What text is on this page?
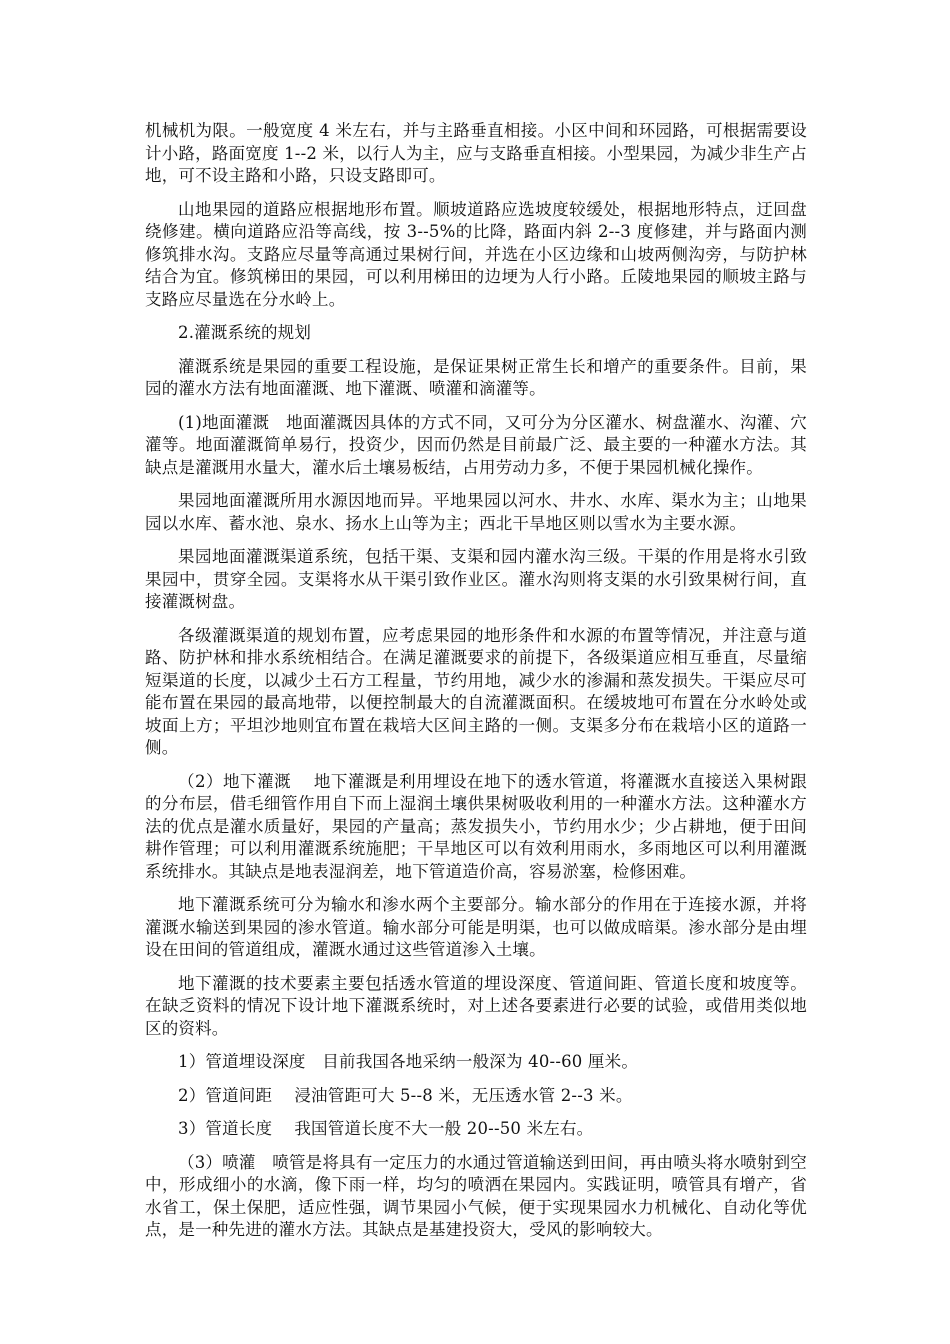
机械机为限。一般宽度 4 米左右，并与主路垂直相接。小区中间和环园路，可根据需要设计小路，路面宽度 1--2 米，以行人为主，应与支路垂直相接。小型果园，为减少非生产占地，可不设主路和小路，只设支路即可。

山地果园的道路应根据地形布置。顺坡道路应选坡度较缓处，根据地形特点，迂回盘绕修建。横向道路应沿等高线，按 3--5%的比降，路面内斜 2--3 度修建，并与路面内测修筑排水沟。支路应尽量等高通过果树行间，并选在小区边缘和山坡两侧沟旁，与防护林结合为宜。修筑梯田的果园，可以利用梯田的边埂为人行小路。丘陵地果园的顺坡主路与支路应尽量选在分水岭上。

2.灌溉系统的规划

灌溉系统是果园的重要工程设施，是保证果树正常生长和增产的重要条件。目前，果园的灌水方法有地面灌溉、地下灌溉、喷灌和滴灌等。

(1)地面灌溉　地面灌溉因具体的方式不同，又可分为分区灌水、树盘灌水、沟灌、穴灌等。地面灌溉简单易行，投资少，因而仍然是目前最广泛、最主要的一种灌水方法。其缺点是灌溉用水量大，灌水后土壤易板结，占用劳动力多，不便于果园机械化操作。

果园地面灌溉所用水源因地而异。平地果园以河水、井水、水库、渠水为主；山地果园以水库、蓄水池、泉水、扬水上山等为主；西北干旱地区则以雪水为主要水源。

果园地面灌溉渠道系统，包括干渠、支渠和园内灌水沟三级。干渠的作用是将水引致果园中，贯穿全园。支渠将水从干渠引致作业区。灌水沟则将支渠的水引致果树行间，直接灌溉树盘。

各级灌溉渠道的规划布置，应考虑果园的地形条件和水源的布置等情况，并注意与道路、防护林和排水系统相结合。在满足灌溉要求的前提下，各级渠道应相互垂直，尽量缩短渠道的长度，以减少土石方工程量，节约用地，减少水的渗漏和蒸发损失。干渠应尽可能布置在果园的最高地带，以便控制最大的自流灌溉面积。在缓坡地可布置在分水岭处或坡面上方；平坦沙地则宜布置在栽培大区间主路的一侧。支渠多分布在栽培小区的道路一侧。

（2）地下灌溉　 地下灌溉是利用埋设在地下的透水管道，将灌溉水直接送入果树跟的分布层，借毛细管作用自下而上湿润土壤供果树吸收利用的一种灌水方法。这种灌水方法的优点是灌水质量好，果园的产量高；蒸发损失小，节约用水少；少占耕地，便于田间耕作管理；可以利用灌溉系统施肥；干旱地区可以有效利用雨水，多雨地区可以利用灌溉系统排水。其缺点是地表湿润差，地下管道造价高，容易淤塞，检修困难。

地下灌溉系统可分为输水和渗水两个主要部分。输水部分的作用在于连接水源，并将灌溉水输送到果园的渗水管道。输水部分可能是明渠，也可以做成暗渠。渗水部分是由埋设在田间的管道组成，灌溉水通过这些管道渗入土壤。

地下灌溉的技术要素主要包括透水管道的埋设深度、管道间距、管道长度和坡度等。在缺乏资料的情况下设计地下灌溉系统时，对上述各要素进行必要的试验，或借用类似地区的资料。

1）管道埋设深度　目前我国各地采纳一般深为 40--60 厘米。

2）管道间距　 浸油管距可大 5--8 米，无压透水管 2--3 米。

3）管道长度　 我国管道长度不大一般 20--50 米左右。

（3）喷灌　喷管是将具有一定压力的水通过管道输送到田间，再由喷头将水喷射到空中，形成细小的水滴，像下雨一样，均匀的喷洒在果园内。实践证明，喷管具有增产，省水省工，保土保肥，适应性强，调节果园小气候，便于实现果园水力机械化、自动化等优点，是一种先进的灌水方法。其缺点是基建投资大，受风的影响较大。
